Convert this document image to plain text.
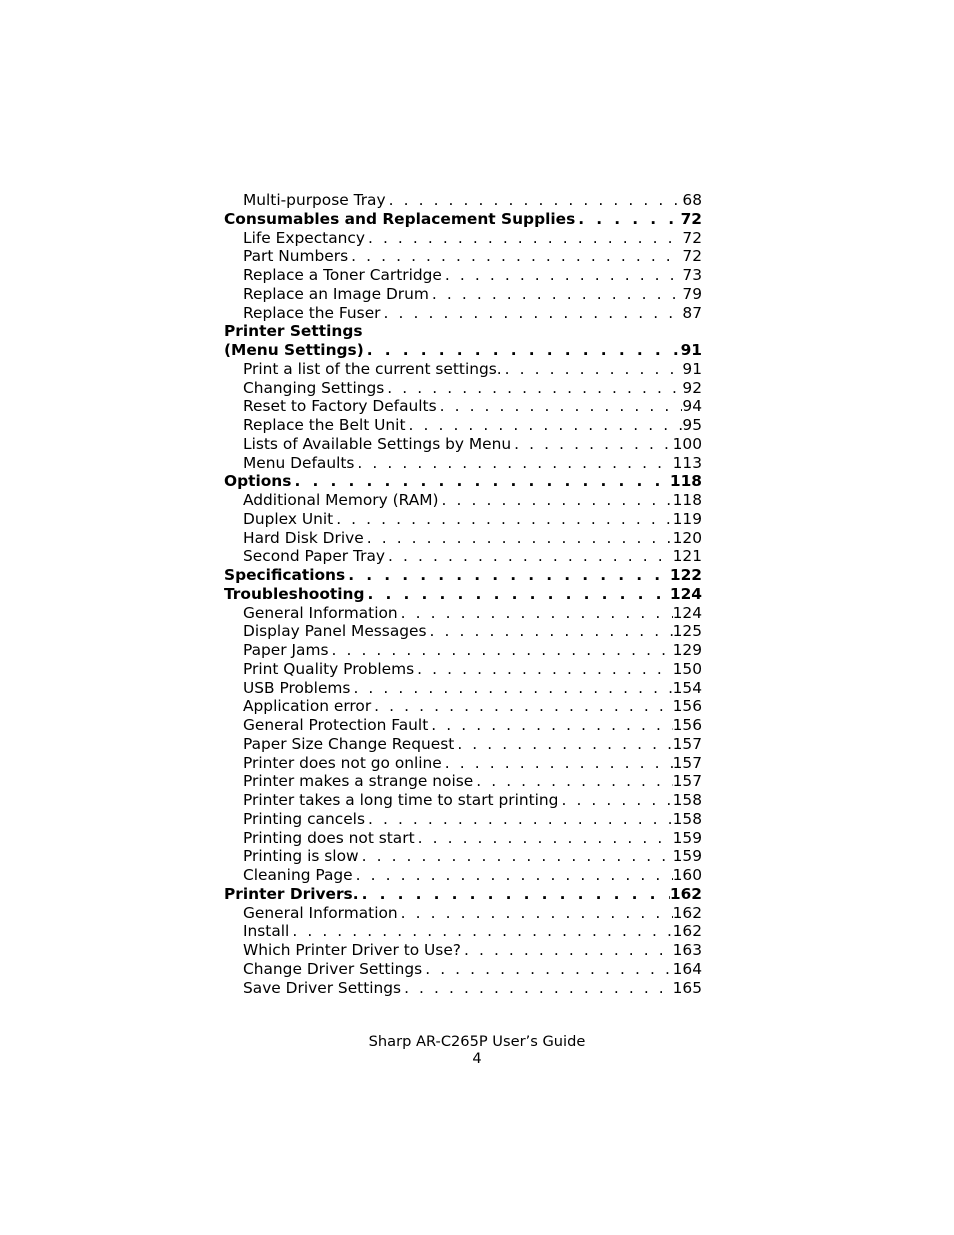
Multi-purpose Tray . . .	68
Consumables and Replacement Supplies . . .	72
Life Expectancy . . .	72
Part Numbers . . .	72
Replace a Toner Cartridge . . .	73
Replace an Image Drum . . .	79
Replace the Fuser . . .	87
Printer Settings
(Menu Settings) . . .	91
Print a list of the current settings. . . .	91
Changing Settings . . .	92
Reset to Factory Defaults . . .	94
Replace the Belt Unit . . .	95
Lists of Available Settings by Menu . . .	100
Menu Defaults . . .	113
Options . . .	118
Additional Memory (RAM) . . .	118
Duplex Unit . . .	119
Hard Disk Drive . . .	120
Second Paper Tray . . .	121
Specifications . . .	122
Troubleshooting . . .	124
General Information . . .	124
Display Panel Messages . . .	125
Paper Jams . . .	129
Print Quality Problems . . .	150
USB Problems . . .	154
Application error . . .	156
General Protection Fault . . .	156
Paper Size Change Request . . .	157
Printer does not go online . . .	157
Printer makes a strange noise . . .	157
Printer takes a long time to start printing . . .	158
Printing cancels . . .	158
Printing does not start . . .	159
Printing is slow . . .	159
Cleaning Page . . .	160
Printer Drivers. . . .	162
General Information . . .	162
Install . . .	162
Which Printer Driver to Use? . . .	163
Change Driver Settings . . .	164
Save Driver Settings . . .	165
Sharp AR-C265P User’s Guide
4
